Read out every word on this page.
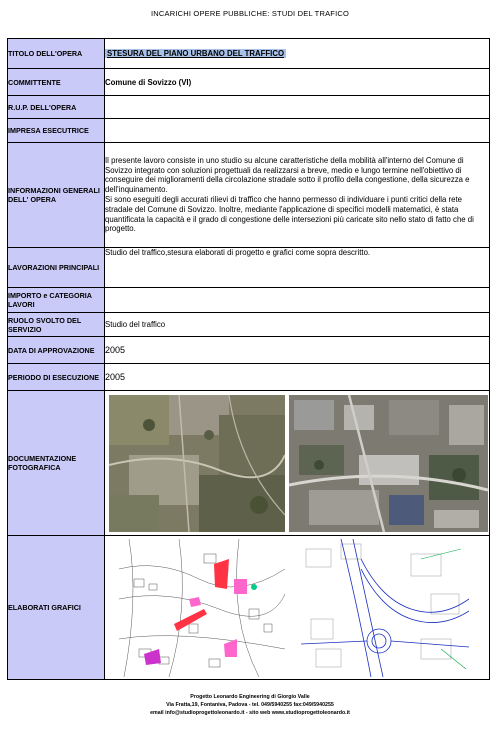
INCARICHI OPERE PUBBLICHE: STUDI DEL TRAFICO
TITOLO DELL'OPERA	STESURA DEL PIANO URBANO DEL TRAFFICO
COMMITTENTE	Comune di Sovizzo (VI)
R.U.P. DELL'OPERA	
IMPRESA ESECUTRICE	
INFORMAZIONI GENERALI DELL' OPERA	Il presente lavoro consiste in uno studio su alcune caratteristiche della mobilità all'interno del Comune di Sovizzo integrato con soluzioni progettuali da realizzarsi a breve, medio e lungo termine nell'obiettivo di conseguire dei miglioramenti della circolazione stradale sotto il profilo della congestione, della sicurezza e dell'inquinamento.

Si sono eseguiti degli accurati rilievi di traffico che hanno permesso di individuare i punti critici della rete stradale del Comune di Sovizzo. Inoltre, mediante l'applicazione di specifici modelli matematici, è stata quantificata la capacità e il grado di congestione delle intersezioni più caricate sito nello stato di fatto che di progetto.

LAVORAZIONI PRINCIPALI	Studio del traffico,stesura elaborati di progetto e grafici come sopra descritto.
IMPORTO e CATEGORIA LAVORI	
RUOLO SVOLTO DEL SERVIZIO	Studio del traffico
DATA DI APPROVAZIONE	2005
PERIODO DI ESECUZIONE	2005
DOCUMENTAZIONE FOTOGRAFICA	

ELABORATI GRAFICI	
Progetto Leonardo Engineering di Giorgio Valle
Via Fratta,19, Fontaniva, Padova - tel. 049/5940255 fax:049/5940255
email info@studioprogettoleonardo.it - sito web www.studioprogettoleonardo.it
